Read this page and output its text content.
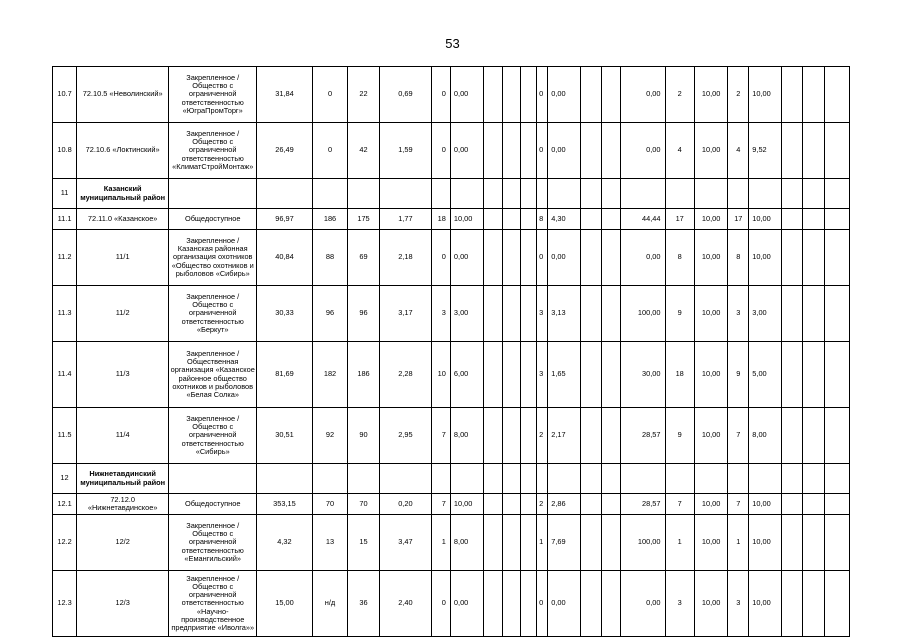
53
10.7	72.10.5 «Неволинский»	Закрепленное / Общество с ограниченной ответственностью «ЮграПромТорг»	31,84	0	22	0,69	0	0,00				0	0,00			0,00	2	10,00	2	10,00			
10.8	72.10.6 «Локтинский»	Закрепленное / Общество с ограниченной ответственностью «КлиматСтройМонтаж»	26,49	0	42	1,59	0	0,00				0	0,00			0,00	4	10,00	4	9,52			
11	Казанский муниципальный район																						
11.1	72.11.0 «Казанское»	Общедоступное	96,97	186	175	1,77	18	10,00				8	4,30			44,44	17	10,00	17	10,00			
11.2	11/1	Закрепленное / Казанская районная организация охотников «Общество охотников и рыболовов «Сибирь»	40,84	88	69	2,18	0	0,00				0	0,00			0,00	8	10,00	8	10,00			
11.3	11/2	Закрепленное / Общество с ограниченной ответственностью «Беркут»	30,33	96	96	3,17	3	3,00				3	3,13			100,00	9	10,00	3	3,00			
11.4	11/3	Закрепленное / Общественная организация «Казанское районное общество охотников и рыболовов «Белая Солка»	81,69	182	186	2,28	10	6,00				3	1,65			30,00	18	10,00	9	5,00			
11.5	11/4	Закрепленное / Общество с ограниченной ответственностью «Сибирь»	30,51	92	90	2,95	7	8,00				2	2,17			28,57	9	10,00	7	8,00			
12	Нижнетавдинский муниципальный район																						
12.1	72.12.0 «Нижнетавдинское»	Общедоступное	353,15	70	70	0,20	7	10,00				2	2,86			28,57	7	10,00	7	10,00			
12.2	12/2	Закрепленное / Общество с ограниченной ответственностью «Емангильский»	4,32	13	15	3,47	1	8,00				1	7,69			100,00	1	10,00	1	10,00			
12.3	12/3	Закрепленное / Общество с ограниченной ответственностью «Научно-производственное предприятие «Иволга»»	15,00	н/д	36	2,40	0	0,00				0	0,00			0,00	3	10,00	3	10,00			
